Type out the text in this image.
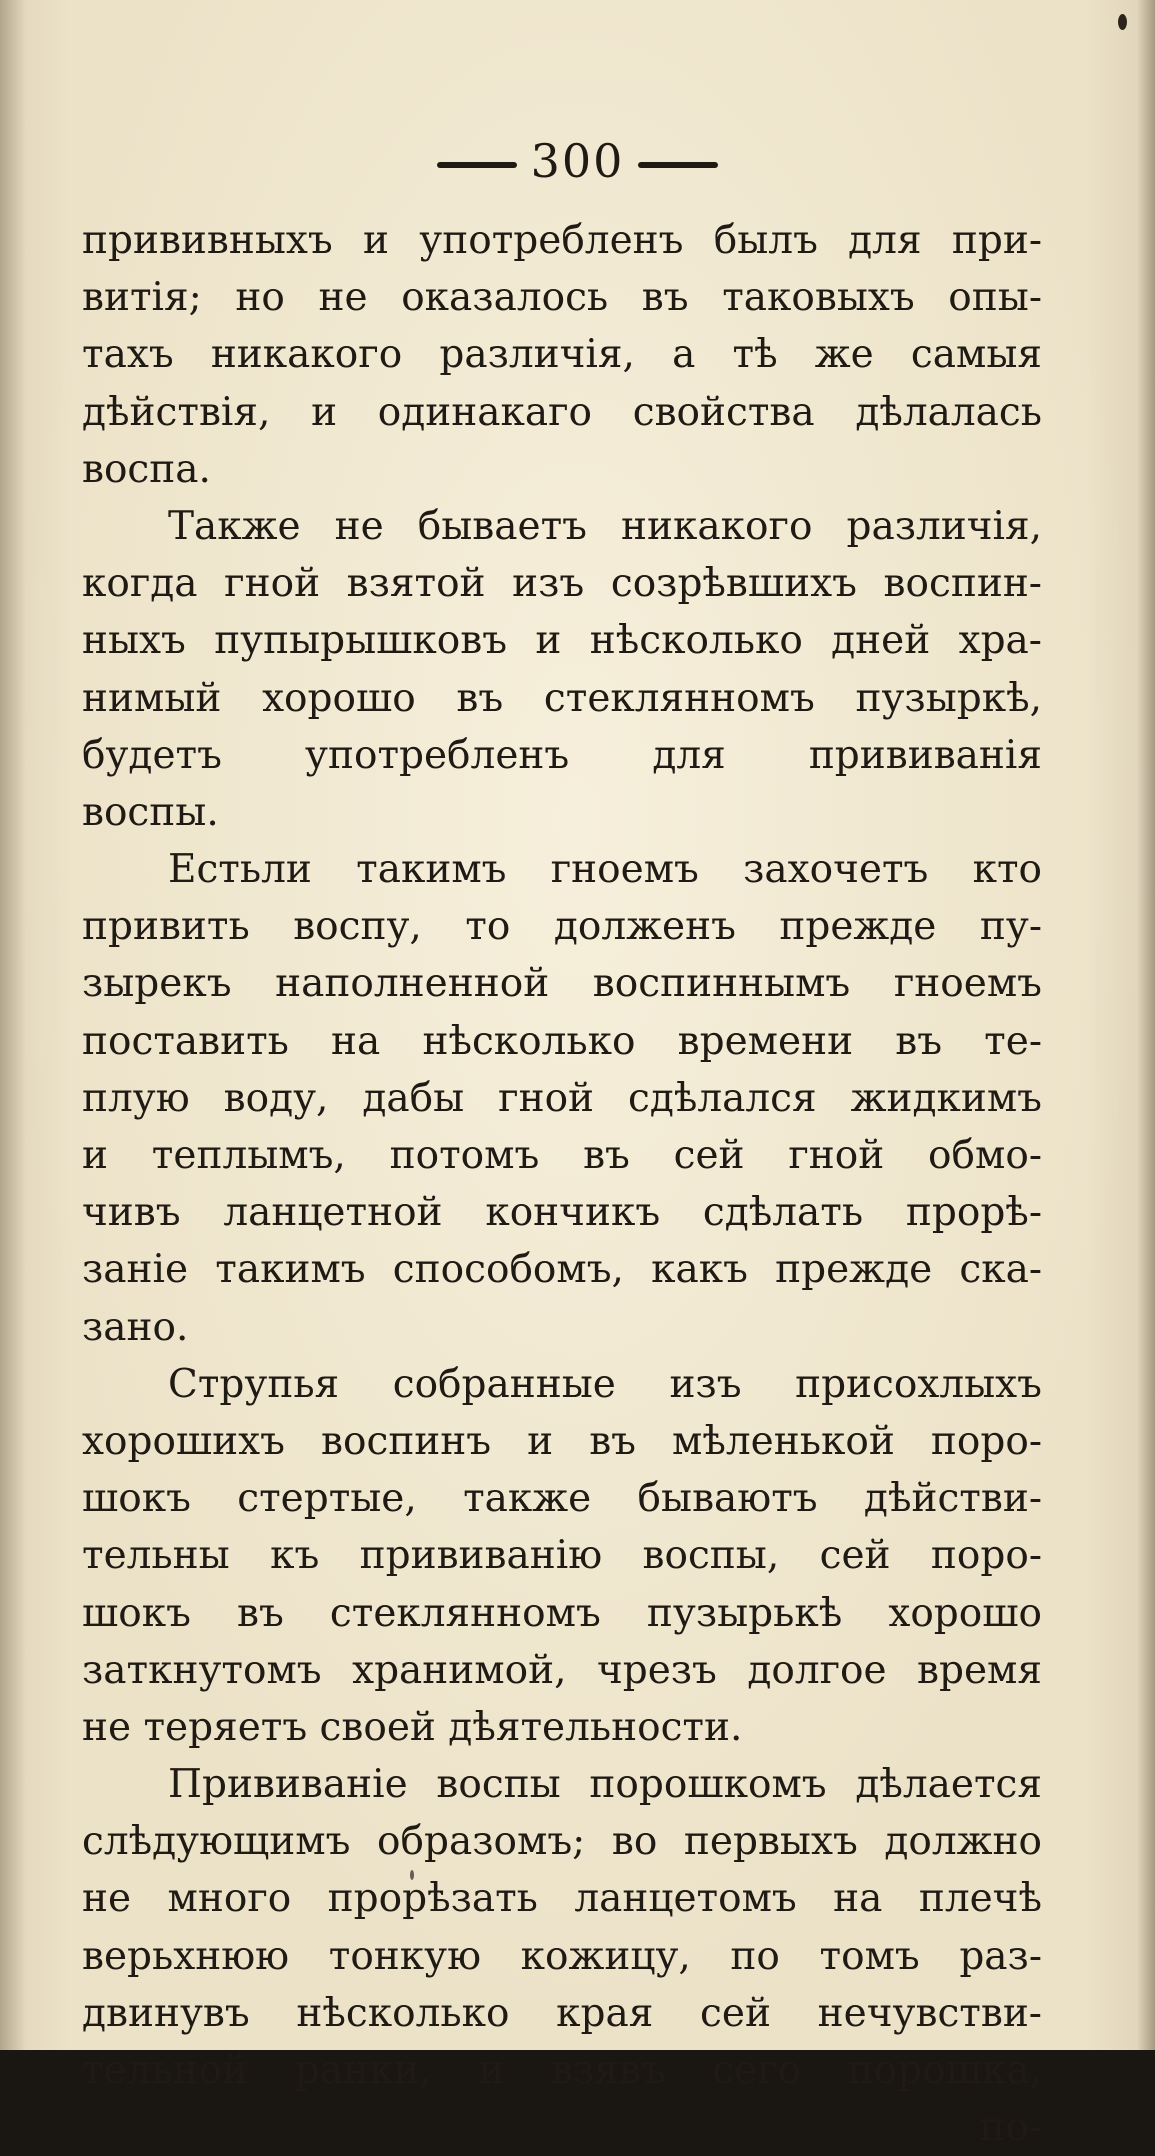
300
прививныхъ и употребленъ былъ для при-
витія; но не оказалось въ таковыхъ опы-
тахъ никакого различія, а тѣ же самыя
дѣйствія, и одинакаго свойства дѣлалась
воспа.
Также не бываетъ никакого различія,
когда гной взятой изъ созрѣвшихъ воспин-
ныхъ пупырышковъ и нѣсколько дней хра-
нимый хорошо въ стеклянномъ пузыркѣ,
будетъ употребленъ для прививанія
воспы.
Естьли такимъ гноемъ захочетъ кто
привить воспу, то долженъ прежде пу-
зырекъ наполненной воспиннымъ гноемъ
поставить на нѣсколько времени въ те-
плую воду, дабы гной сдѣлался жидкимъ
и теплымъ, потомъ въ сей гной обмо-
чивъ ланцетной кончикъ сдѣлать прорѣ-
заніе такимъ способомъ, какъ прежде ска-
зано.
Струпья собранные изъ присохлыхъ
хорошихъ воспинъ и въ мѣленькой поро-
шокъ стертые, также бываютъ дѣйстви-
тельны къ прививанію воспы, сей поро-
шокъ въ стеклянномъ пузырькѣ хорошо
заткнутомъ хранимой, чрезъ долгое время
не теряетъ своей дѣятельности.
Прививаніе воспы порошкомъ дѣлается
слѣдующимъ образомъ; во первыхъ должно
не много прорѣзать ланцетомъ на плечѣ
верьхнюю тонкую кожицу, по томъ раз-
двинувъ нѣсколько края сей нечувстви-
тельной ранки, и взявъ сего порошка,
по-
